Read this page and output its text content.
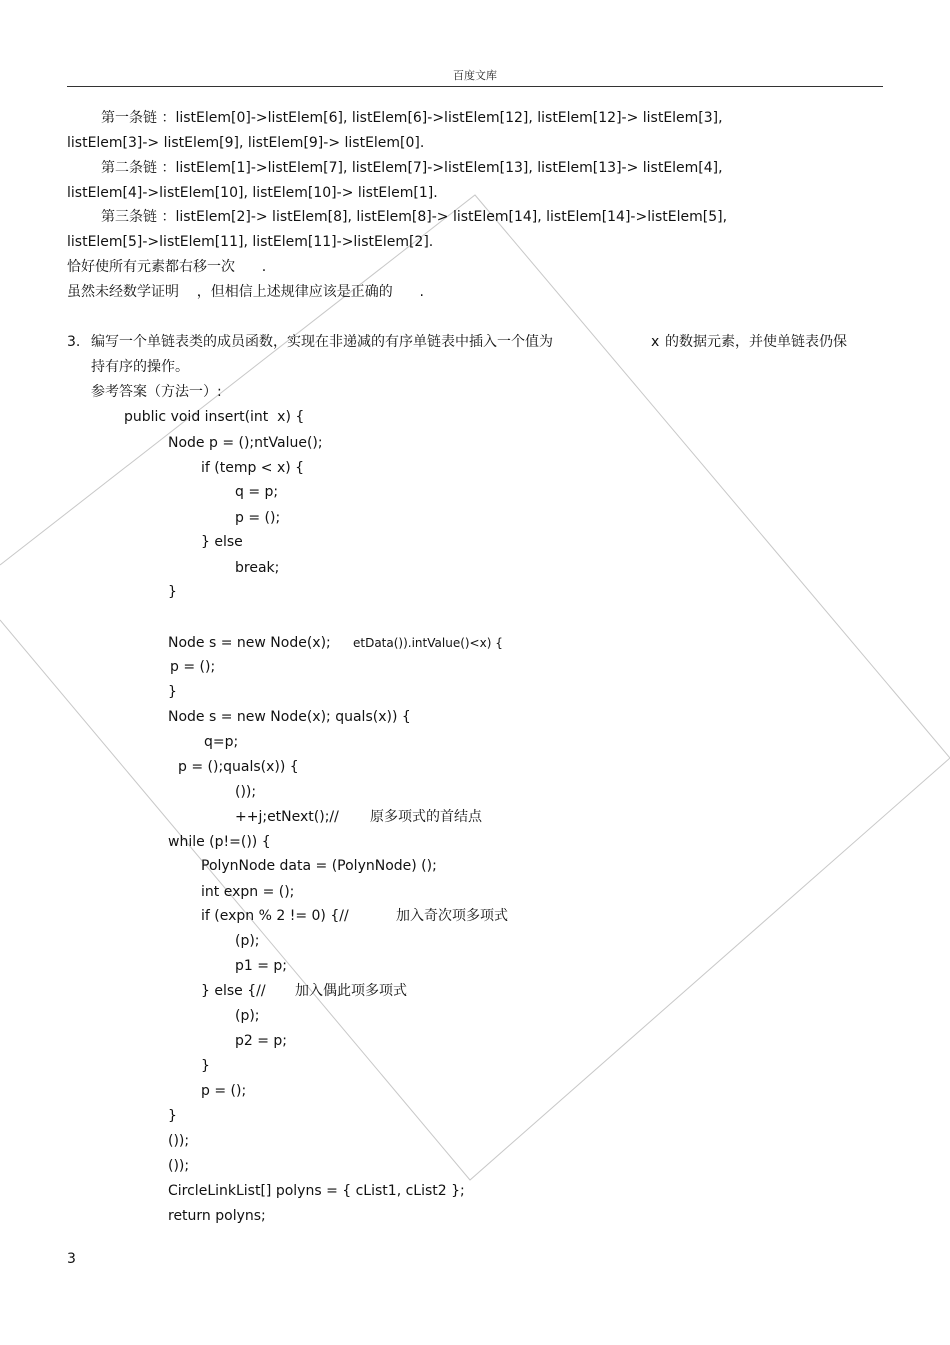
百度文库
第一条链 ：listElem[0]->listElem[6], listElem[6]->listElem[12], listElem[12]-> listElem[3],
listElem[3]-> listElem[9], listElem[9]-> listElem[0].
第二条链 ：listElem[1]->listElem[7], listElem[7]->listElem[13], listElem[13]-> listElem[4],
listElem[4]->listElem[10], listElem[10]-> listElem[1].
第三条链 ：listElem[2]-> listElem[8], listElem[8]-> listElem[14], listElem[14]->listElem[5],
listElem[5]->listElem[11], listElem[11]->listElem[2].
恰好使所有元素都右移一次      .
虽然未经数学证明    ，但相信上述规律应该是正确的      .
3. 编写一个单链表类的成员函数，实现在非递减的有序单链表中插入一个值为	x 的数据元素，并使单链表仍保
持有序的操作。
参考答案（方法一）:
public void insert(int  x) {
Node p = ();ntValue();
if (temp < x) {
q = p;
p = ();
} else
break;
}
Node s = new Node(x); etData()).intValue()<x) {
p = ();
}
Node s = new Node(x); quals(x)) {
q=p;
p = ();quals(x)) {
());
++j;etNext();// 原多项式的首结点
while (p!=()) {
PolynNode data = (PolynNode) ();
int expn = ();
if (expn % 2 != 0) {//	加入奇次项多项式
(p);
p1 = p;
} else {// 加入偶此项多项式
(p);
p2 = p;
}
p = ();
}
());
());
CircleLinkList[] polyns = { cList1, cList2 };
return polyns;
3
